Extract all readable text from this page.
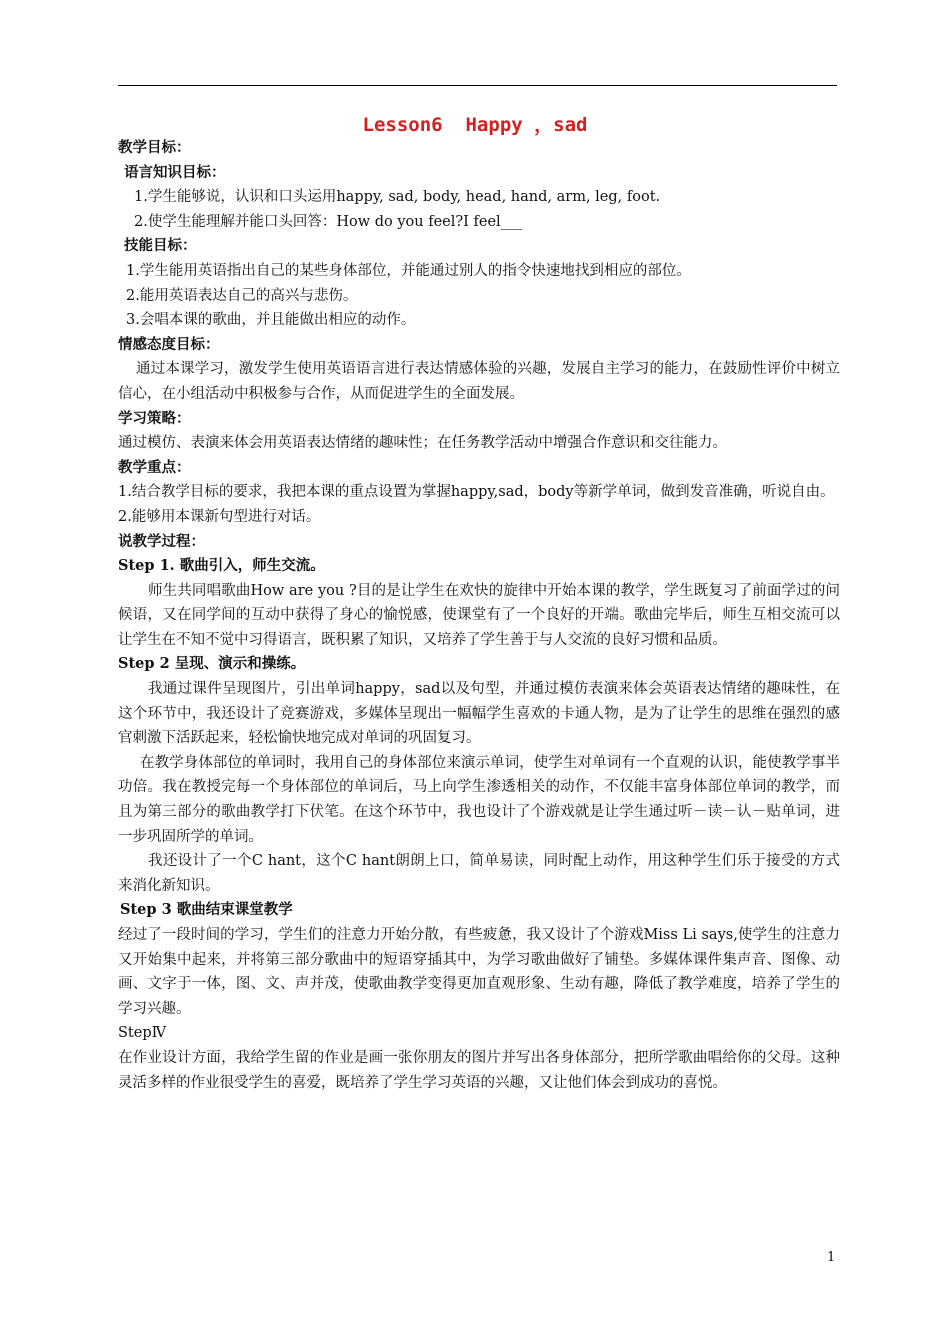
Lesson6  Happy ，sad

教学目标：

语言知识目标：

1.学生能够说，认识和口头运用happy, sad, body, head, hand, arm, leg, foot.

2.使学生能理解并能口头回答：How do you feel?I feel___

技能目标：

1.学生能用英语指出自己的某些身体部位，并能通过别人的指令快速地找到相应的部位。

2.能用英语表达自己的高兴与悲伤。

3.会唱本课的歌曲，并且能做出相应的动作。

情感态度目标：

通过本课学习，激发学生使用英语语言进行表达情感体验的兴趣，发展自主学习的能力，在鼓励性评价中树立信心，在小组活动中积极参与合作，从而促进学生的全面发展。

学习策略：

通过模仿、表演来体会用英语表达情绪的趣味性；在任务教学活动中增强合作意识和交往能力。

教学重点：

1.结合教学目标的要求，我把本课的重点设置为掌握happy,sad，body等新学单词，做到发音准确，听说自由。

2.能够用本课新句型进行对话。

说教学过程：

Step 1. 歌曲引入，师生交流。

师生共同唱歌曲How are you ?目的是让学生在欢快的旋律中开始本课的教学，学生既复习了前面学过的问候语，又在同学间的互动中获得了身心的愉悦感，使课堂有了一个良好的开端。歌曲完毕后，师生互相交流可以让学生在不知不觉中习得语言，既积累了知识，又培养了学生善于与人交流的良好习惯和品质。

Step 2 呈现、演示和操练。

我通过课件呈现图片，引出单词happy，sad以及句型，并通过模仿表演来体会英语表达情绪的趣味性，在这个环节中，我还设计了竞赛游戏，多媒体呈现出一幅幅学生喜欢的卡通人物，是为了让学生的思维在强烈的感官刺激下活跃起来，轻松愉快地完成对单词的巩固复习。

在教学身体部位的单词时，我用自己的身体部位来演示单词，使学生对单词有一个直观的认识，能使教学事半功倍。我在教授完每一个身体部位的单词后，马上向学生渗透相关的动作，不仅能丰富身体部位单词的教学，而且为第三部分的歌曲教学打下伏笔。在这个环节中，我也设计了个游戏就是让学生通过听－读－认－贴单词，进一步巩固所学的单词。

我还设计了一个C hant，这个C hant朗朗上口，简单易读，同时配上动作，用这种学生们乐于接受的方式来消化新知识。

Step 3 歌曲结束课堂教学

经过了一段时间的学习，学生们的注意力开始分散，有些疲惫，我又设计了个游戏Miss Li says,使学生的注意力又开始集中起来，并将第三部分歌曲中的短语穿插其中，为学习歌曲做好了铺垫。多媒体课件集声音、图像、动画、文字于一体，图、文、声并茂，使歌曲教学变得更加直观形象、生动有趣，降低了教学难度，培养了学生的学习兴趣。

StepⅣ

在作业设计方面，我给学生留的作业是画一张你朋友的图片并写出各身体部分，把所学歌曲唱给你的父母。这种灵活多样的作业很受学生的喜爱，既培养了学生学习英语的兴趣，又让他们体会到成功的喜悦。

1
